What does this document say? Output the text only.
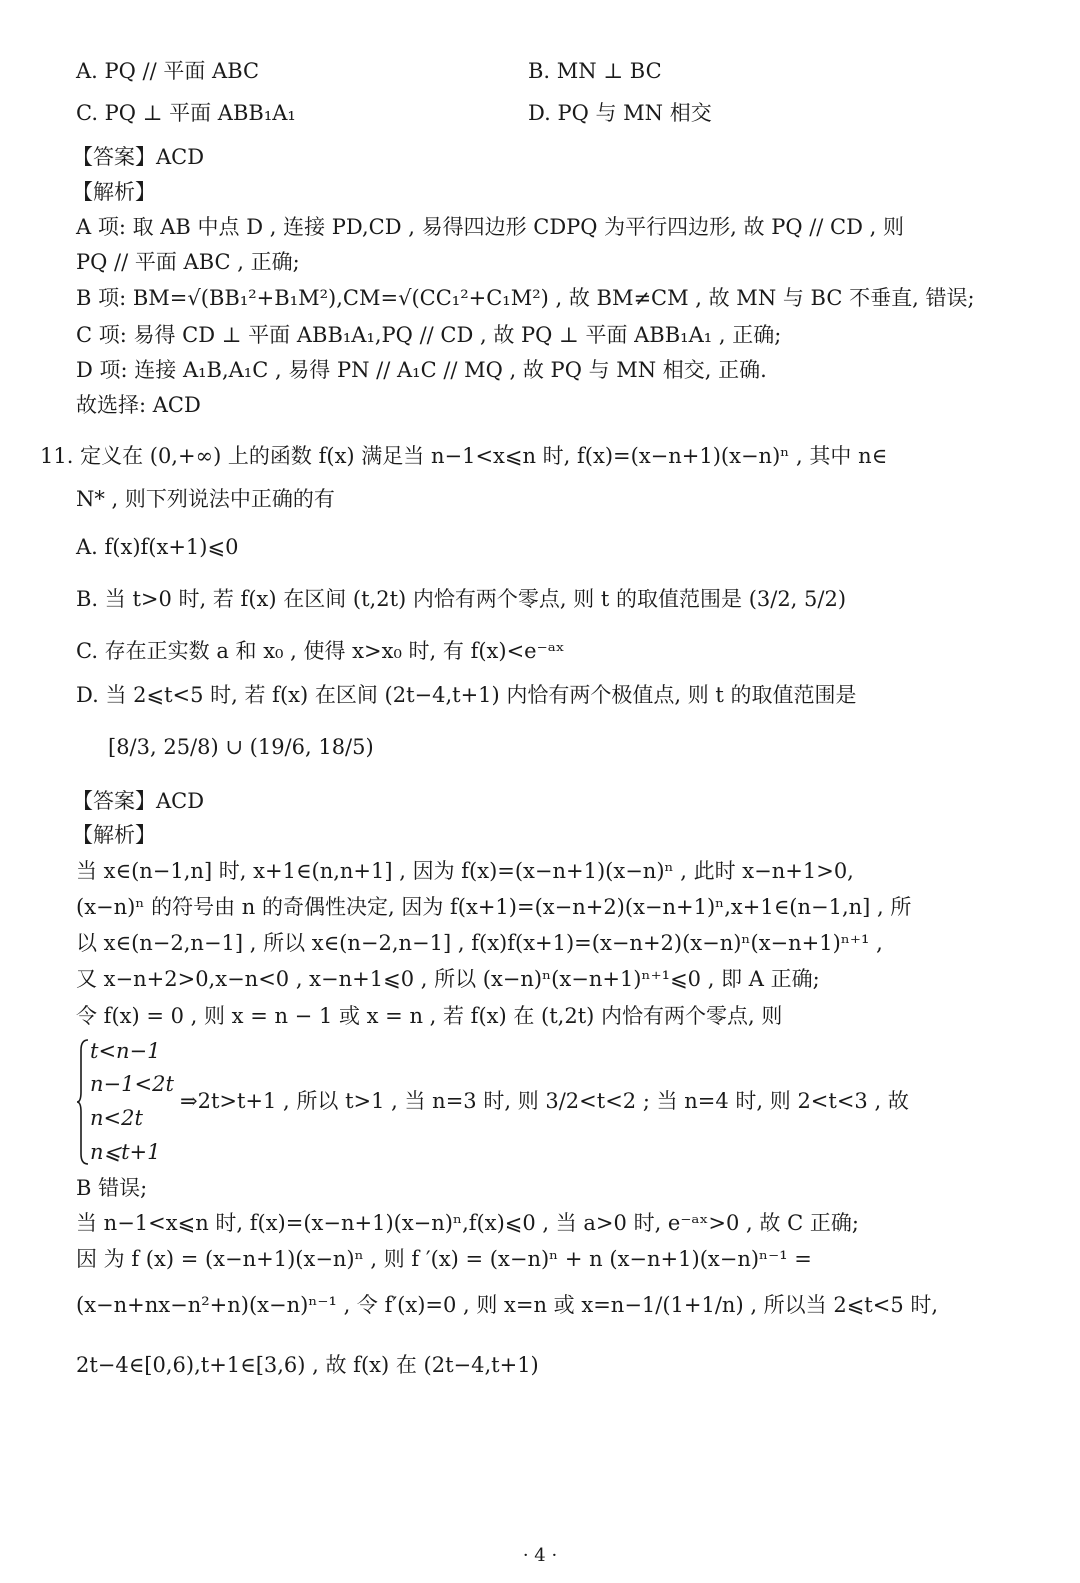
A. PQ // 平面 ABC	B. MN ⊥ BC
C. PQ ⊥ 平面 ABB₁A₁	D. PQ 与 MN 相交
【答案】ACD
【解析】
A 项: 取 AB 中点 D , 连接 PD,CD , 易得四边形 CDPQ 为平行四边形, 故 PQ // CD , 则
PQ // 平面 ABC , 正确;
B 项: BM=√(BB₁²+B₁M²),CM=√(CC₁²+C₁M²) , 故 BM≠CM , 故 MN 与 BC 不垂直, 错误;
C 项: 易得 CD ⊥ 平面 ABB₁A₁,PQ // CD , 故 PQ ⊥ 平面 ABB₁A₁ , 正确;
D 项: 连接 A₁B,A₁C , 易得 PN // A₁C // MQ , 故 PQ 与 MN 相交, 正确.
故选择: ACD
11. 定义在 (0,+∞) 上的函数 f(x) 满足当 n−1<x⩽n 时, f(x)=(x−n+1)(x−n)ⁿ , 其中 n∈
N* , 则下列说法中正确的有
A. f(x)f(x+1)⩽0
B. 当 t>0 时, 若 f(x) 在区间 (t,2t) 内恰有两个零点, 则 t 的取值范围是 (3/2, 5/2)
C. 存在正实数 a 和 x₀ , 使得 x>x₀ 时, 有 f(x)<e⁻ᵃˣ
D. 当 2⩽t<5 时, 若 f(x) 在区间 (2t−4,t+1) 内恰有两个极值点, 则 t 的取值范围是
[8/3, 25/8) ∪ (19/6, 18/5)
【答案】ACD
【解析】
当 x∈(n−1,n] 时, x+1∈(n,n+1] , 因为 f(x)=(x−n+1)(x−n)ⁿ , 此时 x−n+1>0,
(x−n)ⁿ 的符号由 n 的奇偶性决定, 因为 f(x+1)=(x−n+2)(x−n+1)ⁿ,x+1∈(n−1,n] , 所
以 x∈(n−2,n−1] , 所以 x∈(n−2,n−1] , f(x)f(x+1)=(x−n+2)(x−n)ⁿ(x−n+1)ⁿ⁺¹ ,
又 x−n+2>0,x−n<0 , x−n+1⩽0 , 所以 (x−n)ⁿ(x−n+1)ⁿ⁺¹⩽0 , 即 A 正确;
令 f(x) = 0 , 则 x = n − 1 或 x = n , 若 f(x) 在 (t,2t) 内恰有两个零点, 则
t<n−1
n−1<2t
n<2t
n⩽t+1
⇒2t>t+1 , 所以 t>1 , 当 n=3 时, 则 3/2<t<2 ; 当 n=4 时, 则 2<t<3 , 故
B 错误;
当 n−1<x⩽n 时, f(x)=(x−n+1)(x−n)ⁿ,f(x)⩽0 , 当 a>0 时, e⁻ᵃˣ>0 , 故 C 正确;
因 为 f (x) = (x−n+1)(x−n)ⁿ , 则 f ′(x) = (x−n)ⁿ + n (x−n+1)(x−n)ⁿ⁻¹ =
(x−n+nx−n²+n)(x−n)ⁿ⁻¹ , 令 f′(x)=0 , 则 x=n 或 x=n−1/(1+1/n) , 所以当 2⩽t<5 时,
2t−4∈[0,6),t+1∈[3,6) , 故 f(x) 在 (2t−4,t+1)
· 4 ·
